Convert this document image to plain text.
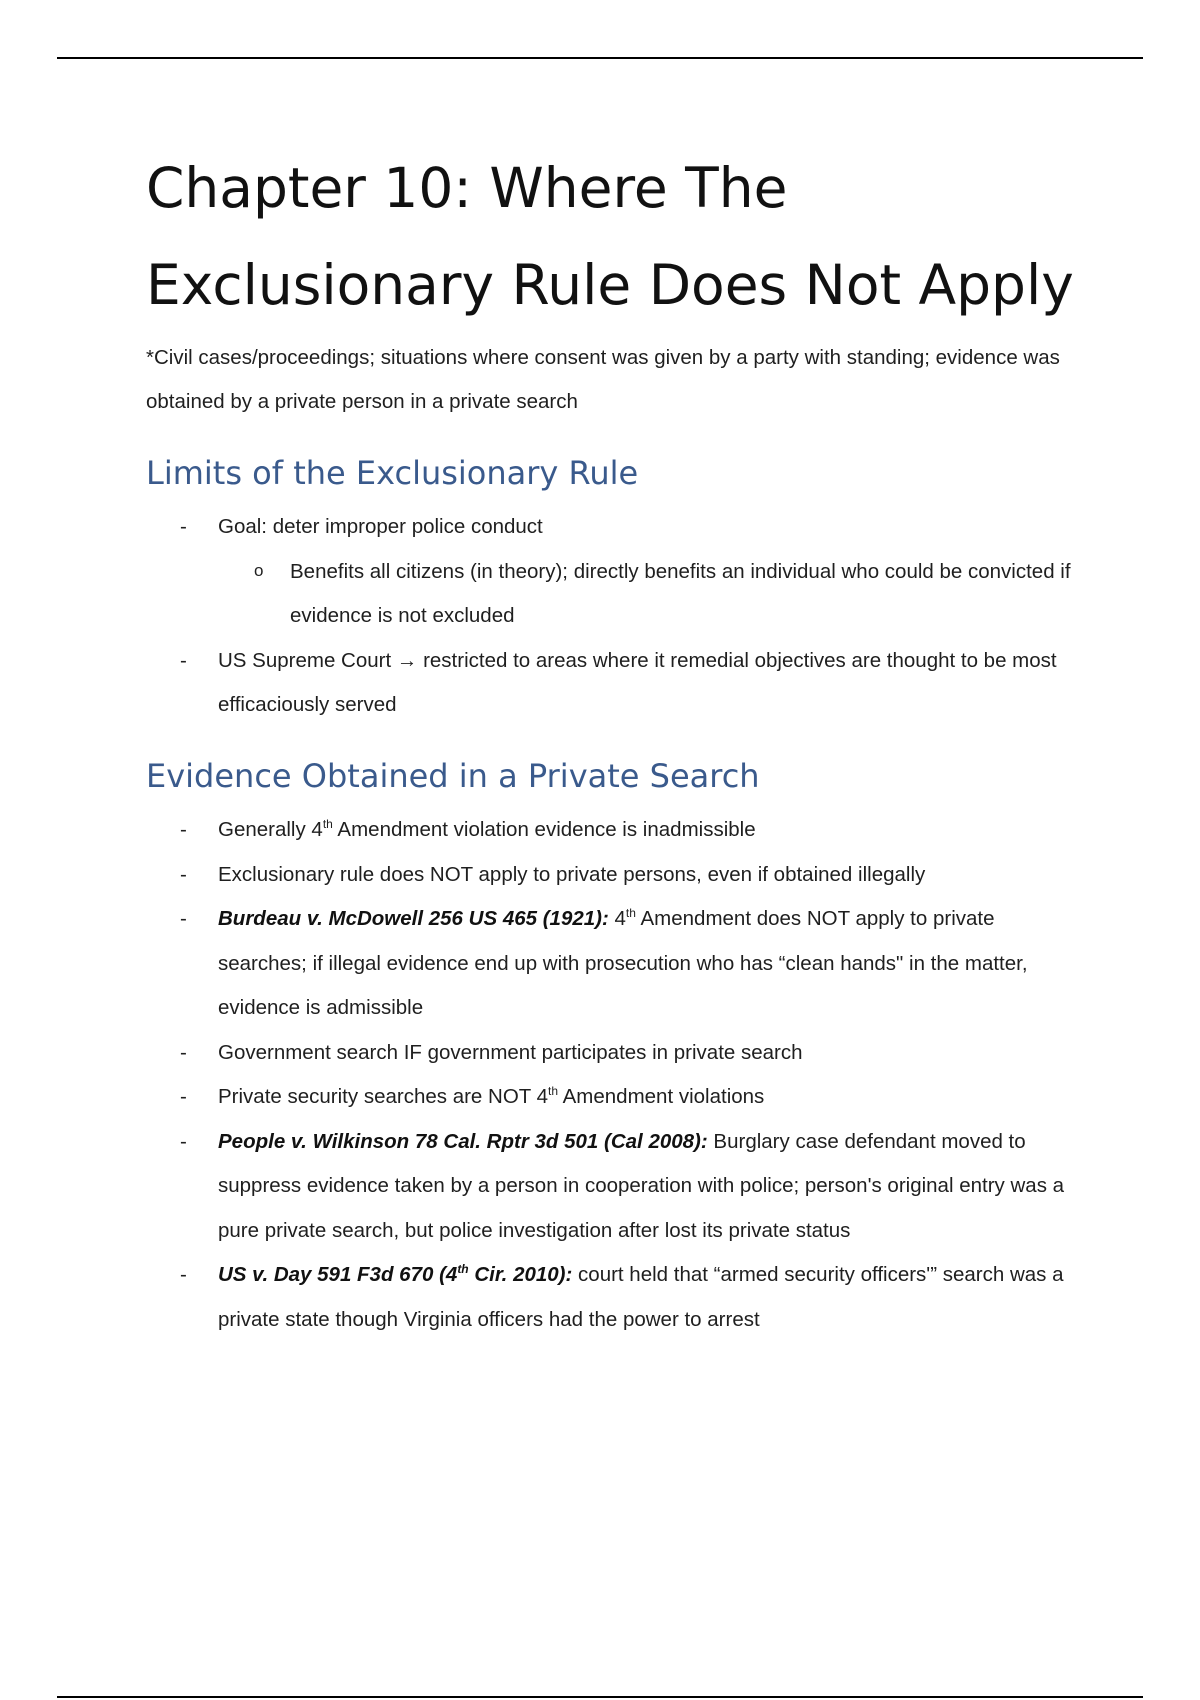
Chapter 10: Where The
Exclusionary Rule Does Not Apply

*Civil cases/proceedings; situations where consent was given by a party with standing; evidence was obtained by a private person in a private search

Limits of the Exclusionary Rule
- Goal: deter improper police conduct
o Benefits all citizens (in theory); directly benefits an individual who could be convicted if evidence is not excluded
- US Supreme Court → restricted to areas where it remedial objectives are thought to be most efficaciously served
Evidence Obtained in a Private Search
- Generally 4th Amendment violation evidence is inadmissible
- Exclusionary rule does NOT apply to private persons, even if obtained illegally
- Burdeau v. McDowell 256 US 465 (1921): 4th Amendment does NOT apply to private searches; if illegal evidence end up with prosecution who has “clean hands" in the matter, evidence is admissible
- Government search IF government participates in private search
- Private security searches are NOT 4th Amendment violations
- People v. Wilkinson 78 Cal. Rptr 3d 501 (Cal 2008): Burglary case defendant moved to suppress evidence taken by a person in cooperation with police; person's original entry was a pure private search, but police investigation after lost its private status
- US v. Day 591 F3d 670 (4th Cir. 2010): court held that “armed security officers'” search was a private state though Virginia officers had the power to arrest
